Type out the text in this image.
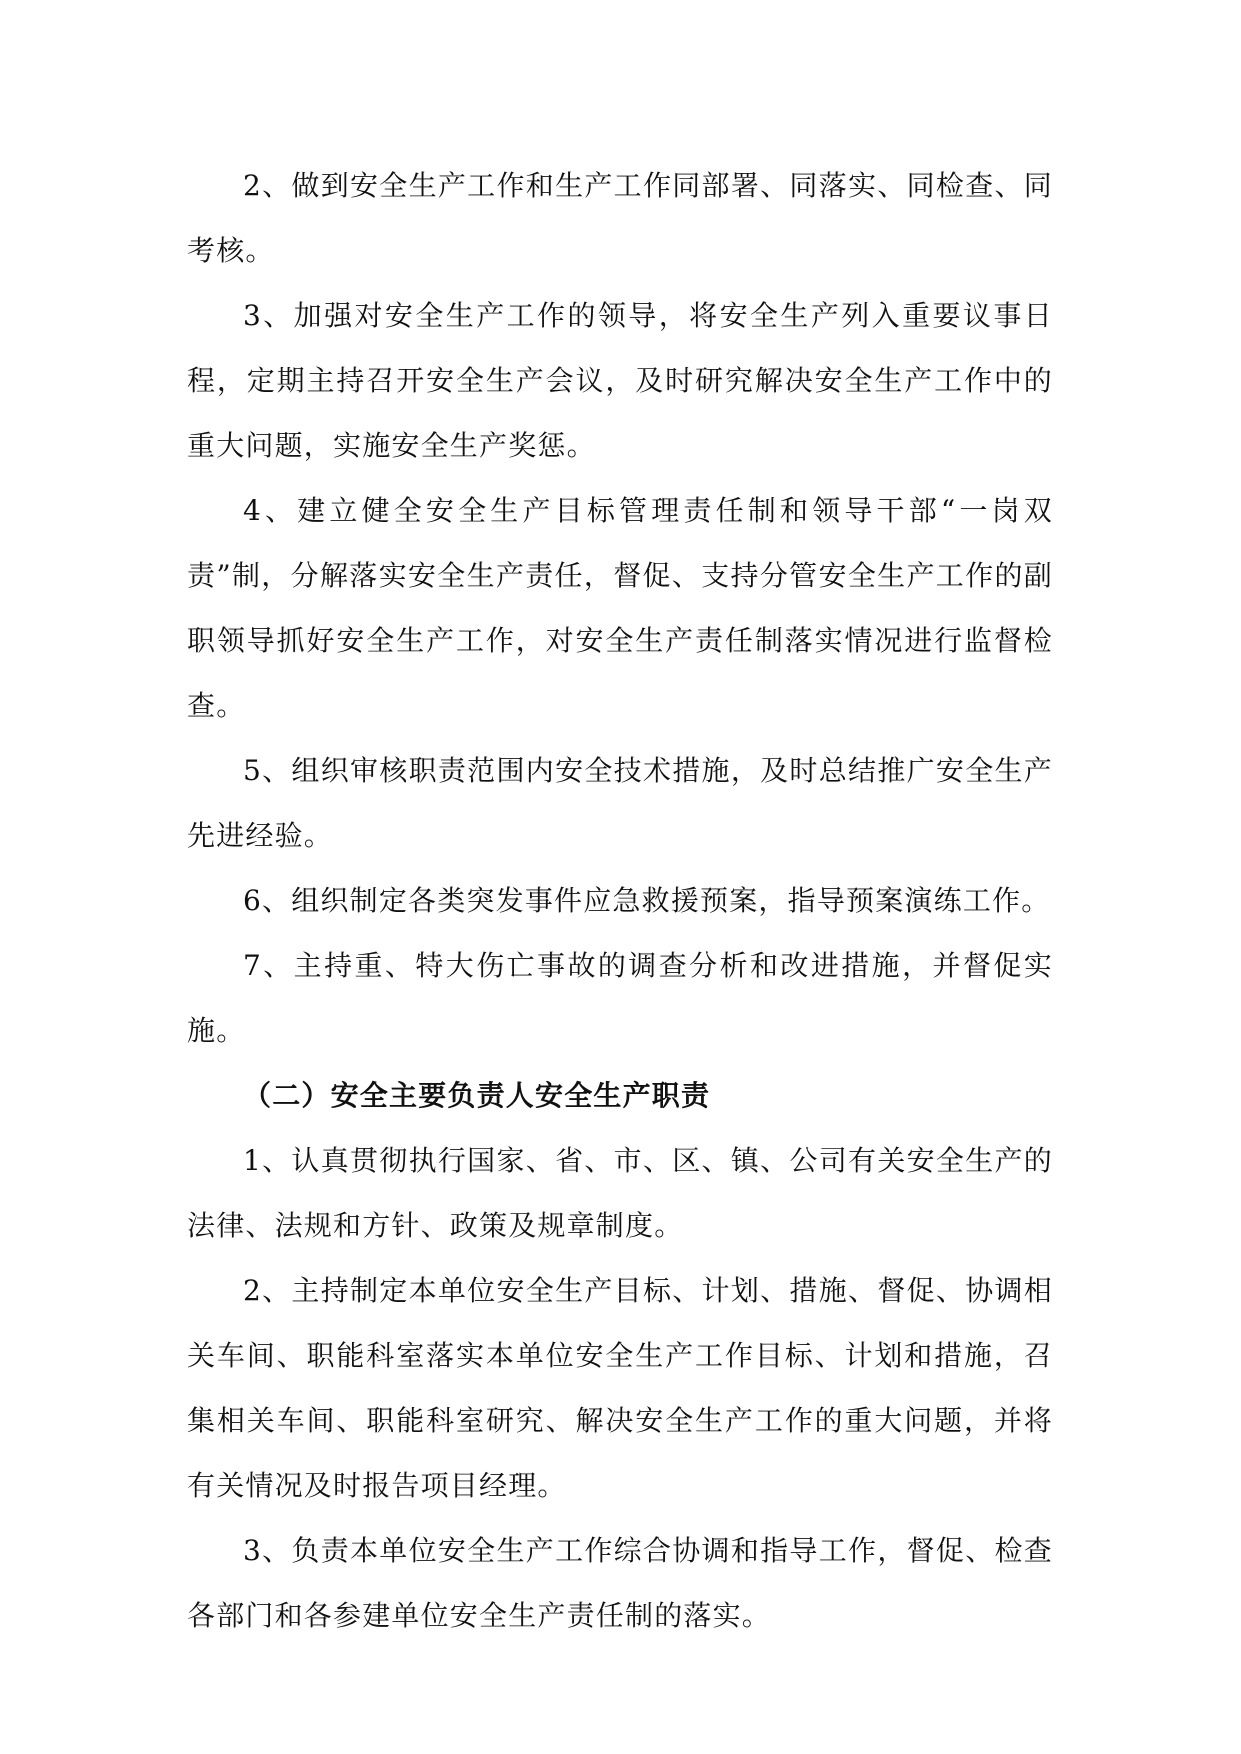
2、做到安全生产工作和生产工作同部署、同落实、同检查、同考核。

3、加强对安全生产工作的领导，将安全生产列入重要议事日程，定期主持召开安全生产会议，及时研究解决安全生产工作中的重大问题，实施安全生产奖惩。

4、建立健全安全生产目标管理责任制和领导干部“一岗双责”制，分解落实安全生产责任，督促、支持分管安全生产工作的副职领导抓好安全生产工作，对安全生产责任制落实情况进行监督检查。

5、组织审核职责范围内安全技术措施，及时总结推广安全生产先进经验。

6、组织制定各类突发事件应急救援预案，指导预案演练工作。

7、主持重、特大伤亡事故的调查分析和改进措施，并督促实施。

（二）安全主要负责人安全生产职责

1、认真贯彻执行国家、省、市、区、镇、公司有关安全生产的法律、法规和方针、政策及规章制度。

2、主持制定本单位安全生产目标、计划、措施、督促、协调相关车间、职能科室落实本单位安全生产工作目标、计划和措施，召集相关车间、职能科室研究、解决安全生产工作的重大问题，并将有关情况及时报告项目经理。

3、负责本单位安全生产工作综合协调和指导工作，督促、检查各部门和各参建单位安全生产责任制的落实。
